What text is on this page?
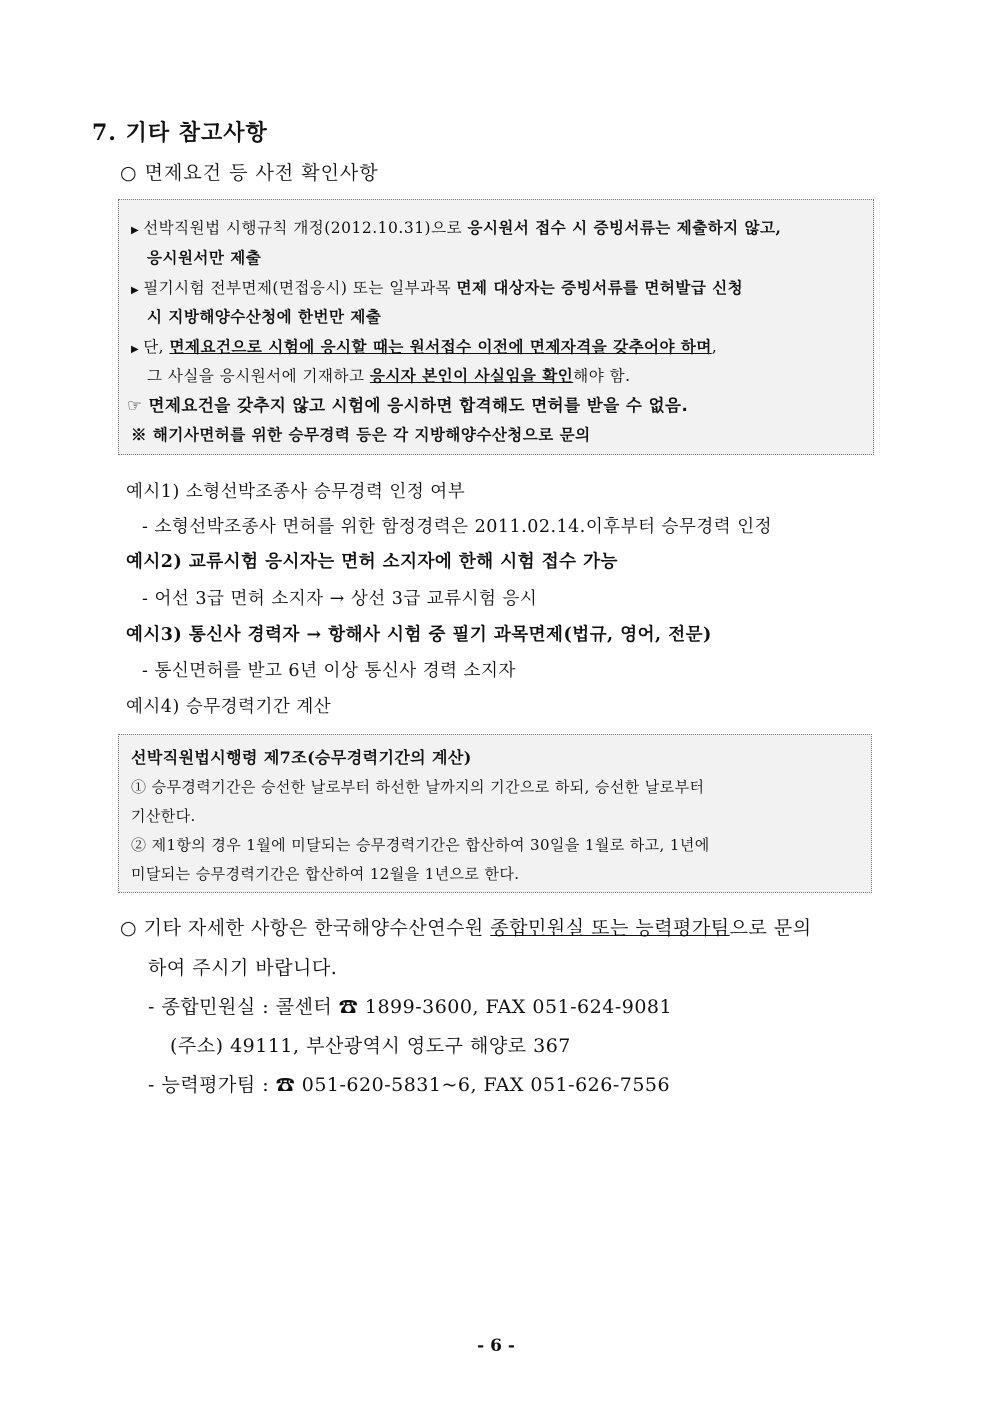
7. 기타 참고사항
○ 면제요건 등 사전 확인사항
▶ 선박직원법 시행규칙 개정(2012.10.31)으로 응시원서 접수 시 증빙서류는 제출하지 않고,
응시원서만 제출
▶ 필기시험 전부면제(면접응시) 또는 일부과목 면제 대상자는 증빙서류를 면허발급 신청
시 지방해양수산청에 한번만 제출
▶ 단, 면제요건으로 시험에 응시할 때는 원서접수 이전에 면제자격을 갖추어야 하며,
그 사실을 응시원서에 기재하고 응시자 본인이 사실임을 확인해야 함.
☞ 면제요건을 갖추지 않고 시험에 응시하면 합격해도 면허를 받을 수 없음.
※ 해기사면허를 위한 승무경력 등은 각 지방해양수산청으로 문의
예시1) 소형선박조종사 승무경력 인정 여부
- 소형선박조종사 면허를 위한 함정경력은 2011.02.14.이후부터 승무경력 인정
예시2) 교류시험 응시자는 면허 소지자에 한해 시험 접수 가능
- 어선 3급 면허 소지자 → 상선 3급 교류시험 응시
예시3) 통신사 경력자 → 항해사 시험 중 필기 과목면제(법규, 영어, 전문)
- 통신면허를 받고 6년 이상 통신사 경력 소지자
예시4) 승무경력기간 계산
선박직원법시행령 제7조(승무경력기간의 계산)
① 승무경력기간은 승선한 날로부터 하선한 날까지의 기간으로 하되, 승선한 날로부터
기산한다.
② 제1항의 경우 1월에 미달되는 승무경력기간은 합산하여 30일을 1월로 하고, 1년에
미달되는 승무경력기간은 합산하여 12월을 1년으로 한다.
○ 기타 자세한 사항은 한국해양수산연수원 종합민원실 또는 능력평가팀으로 문의
하여 주시기 바랍니다.
- 종합민원실 : 콜센터 ☎ 1899-3600, FAX 051-624-9081
(주소) 49111, 부산광역시 영도구 해양로 367
- 능력평가팀 : ☎ 051-620-5831~6, FAX 051-626-7556
- 6 -
